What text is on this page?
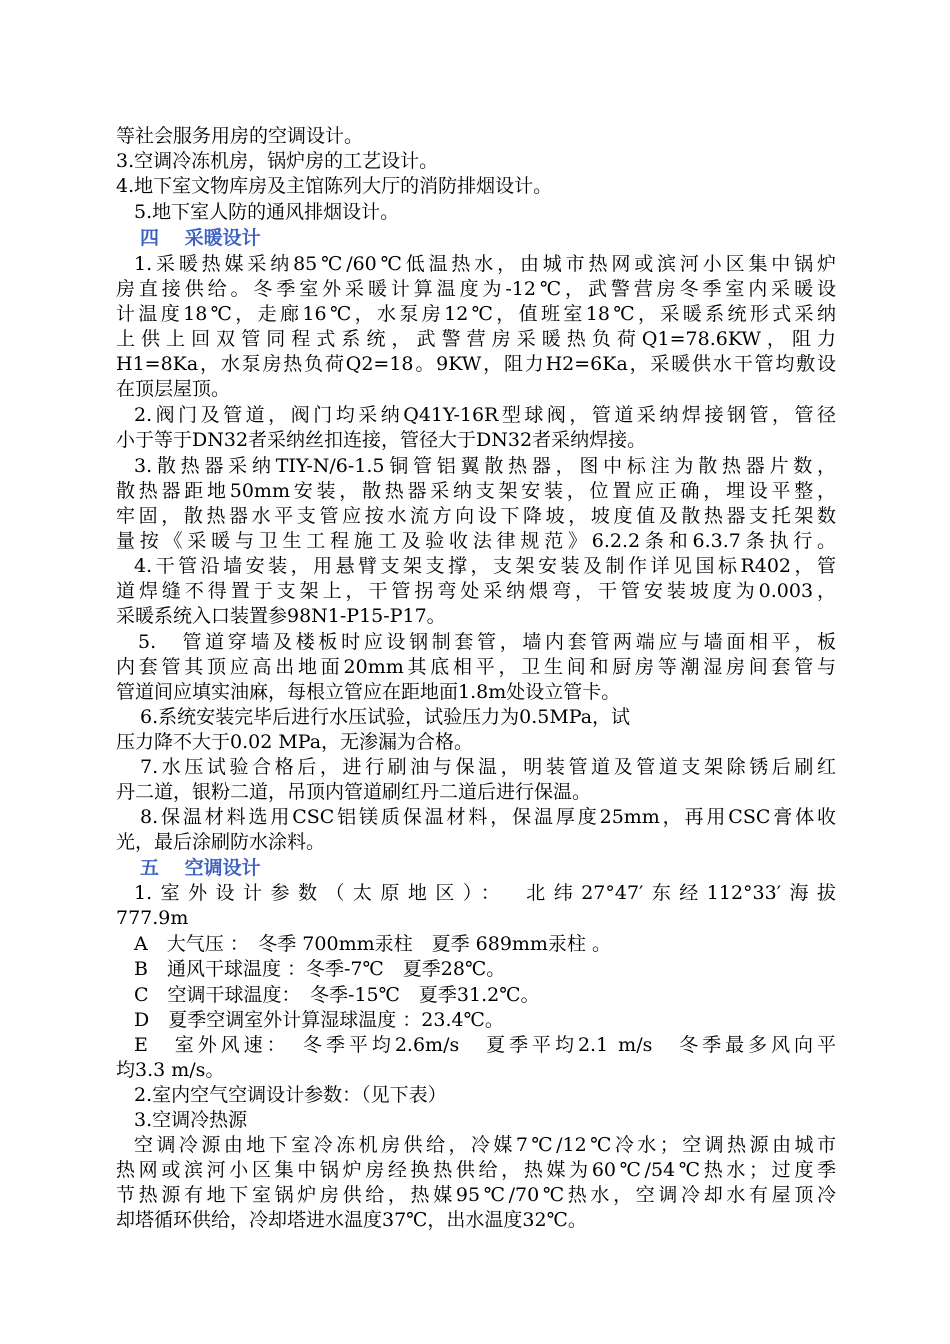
等社会服务用房的空调设计。
3.空调冷冻机房，锅炉房的工艺设计。
4.地下室文物库房及主馆陈列大厅的消防排烟设计。
5.地下室人防的通风排烟设计。
四　 采暖设计
1.采暖热媒采纳85℃/60℃低温热水，由城市热网或滨河小区集中锅炉
房直接供给。冬季室外采暖计算温度为-12℃，武警营房冬季室内采暖设
计温度18℃，走廊16℃，水泵房12℃，值班室18℃，采暖系统形式采纳
上供上回双管同程式系统，武警营房采暖热负荷Q1=78.6KW，阻力
H1=8Ka，水泵房热负荷Q2=18。9KW，阻力H2=6Ka，采暖供水干管均敷设
在顶层屋顶。
2.阀门及管道，阀门均采纳Q41Y-16R型球阀，管道采纳焊接钢管，管径
小于等于DN32者采纳丝扣连接，管径大于DN32者采纳焊接。
3.散热器采纳TIY-N/6-1.5铜管铝翼散热器，图中标注为散热器片数，
散热器距地50mm安装，散热器采纳支架安装，位置应正确，埋设平整，
牢固，散热器水平支管应按水流方向设下降坡，坡度值及散热器支托架数
量按《采暖与卫生工程施工及验收法律规范》6.2.2条和6.3.7条执行。
4.干管沿墙安装，用悬臂支架支撑，支架安装及制作详见国标R402，管
道焊缝不得置于支架上，干管拐弯处采纳煨弯，干管安装坡度为0.003，
采暖系统入口装置参98N1-P15-P17。
5.　管道穿墙及楼板时应设钢制套管，墙内套管两端应与墙面相平，板
内套管其顶应高出地面20mm其底相平，卫生间和厨房等潮湿房间套管与
管道间应填实油麻，每根立管应在距地面1.8m处设立管卡。
6.系统安装完毕后进行水压试验，试验压力为0.5MPa，试
压力降不大于0.02 MPa，无渗漏为合格。
7.水压试验合格后，进行刷油与保温，明装管道及管道支架除锈后刷红
丹二道，银粉二道，吊顶内管道刷红丹二道后进行保温。
8.保温材料选用CSC铝镁质保温材料，保温厚度25mm，再用CSC膏体收
光，最后涂刷防水涂料。
五　 空调设计
1.室外设计参数（太原地区）：　北纬27°47′东经112°33′海拔
777.9m
A　大气压 ：　冬季 700mm汞柱　夏季 689mm汞柱 。
B　通风干球温度 ：冬季-7℃　夏季28℃。
C　空调干球温度：　冬季-15℃　夏季31.2℃。
D　夏季空调室外计算湿球温度 ：23.4℃。
E　室外风速：　冬季平均2.6m/s　夏季平均2.1 m/s　冬季最多风向平
均3.3 m/s。
2.室内空气空调设计参数：（见下表）
3.空调冷热源
空调冷源由地下室冷冻机房供给，冷媒7℃/12℃冷水；空调热源由城市
热网或滨河小区集中锅炉房经换热供给，热媒为60℃/54℃热水；过度季
节热源有地下室锅炉房供给，热媒95℃/70℃热水，空调冷却水有屋顶冷
却塔循环供给，冷却塔进水温度37℃，出水温度32℃。
